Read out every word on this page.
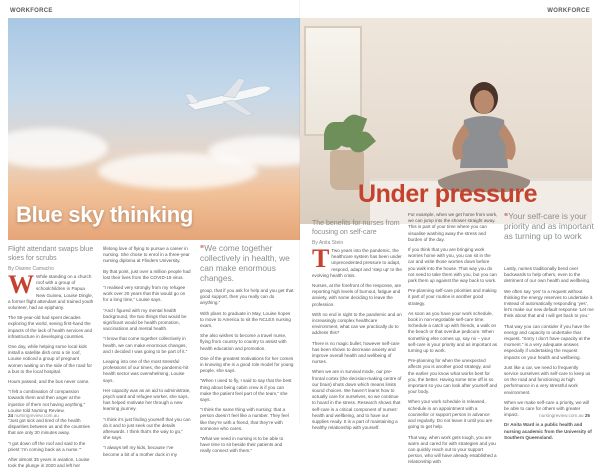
WORKFORCE
Blue sky thinking
Flight attendant swaps blue skies for scrubs
By Dianne Camacho

W While standing on a church roof with a group of schoolchildren in Papua New Guinea, Louise Dingle, a former flight attendant and trained youth volunteer, had an epiphany.

The 55-year-old had spent decades exploring the world, seeing first-hand the impacts of the lack of health services and infrastructure in developing countries.

One day, while helping some local kids install a satellite dish onto a tin roof, Louise noticed a group of pregnant women waiting on the side of the road for a bus to the local hospital.

Hours passed, and the bus never came.

“I felt a combination of compassion towards them and then anger at the injustice of them not having anything,” Louise told Nursing Review.

“Just got sick and tired of the health disparities between us and the countries that are only 30 minutes away.

“I got down off the roof and said to the priest ‘I’m coming back as a nurse.’”

After almost 35 years in aviation, Louise took the plunge in 2020 and left her

lifelong love of flying to pursue a career in nursing. She chose to enrol in a three-year nursing diploma at Flinders University.

By that point, just over a million people had lost their lives from the COVID-19 virus.

“I realised very strongly from my refugee work over 20 years that this would go on for a long time,” Louise says.

“And I figured with my mental health background, the two things that would be significant would be health promotion, vaccinations and mental health.

“I know that come together collectively in health, we can make enormous changes, and I decided I was going to be part of it.”

Leaping into one of the most stressful professions of our times, the pandemic-hit health sector was overwhelming, Louise says.

Her capacity was as an aid to administrate, psych ward and refugee worker, she says, has helped motivate her through a new learning journey.

“I think it’s just finding yourself that you can do it and to just seek out the details afterwards. I think that’s the way to go,” she says.

“I always tell my kids, because I’ve become a bit of a mother duck in my

“We come together collectively in health, we can make enormous changes.

group, that if you ask for help and you get that good support, then you really can do anything.”

With plans to graduate in May, Louise hopes to move to America to sit the NCLEX nursing exam.

She also wishes to become a travel nurse, flying from country to country to assist with health education and promotion.

One of the greatest motivations for her comes in knowing she is a good role model for young people, she says.

“When I used to fly, I said to say that the best thing about being cabin crew is if you can make the patient feel part of the team,” she says.

“I think the same thing with nursing: that a person doesn’t feel like a number. They feel like they’re with a friend, that they’re with someone who cares.

“What we need in nursing is to be able to have time to sit beside their patients and really connect with them.”

24 nursingreview.com.au
WORKFORCE
Under pressure
The benefits for nurses from focusing on self-care
By Anita Stein

T Two years into the pandemic, the healthcare system has been under unprecedented pressure to adapt, respond, adapt and ‘step up’ to the evolving health crisis.

Nurses, at the forefront of the response, are reporting high levels of burnout, fatigue and anxiety, with some deciding to leave the profession.

With no end in sight to the pandemic and an increasingly complex healthcare environment, what can we practically do to address this?

There is no magic bullet; however self-care has been shown to decrease anxiety and improve overall health and wellbeing of nurses.

When we are in survival mode, our pre-frontal cortex (the decision-making centre of our brain) shuts down which means limits sound choices. We haven’t learnt how to actually care for ourselves, so we continue to hoard in the stress. Research shows that self-care is a critical component of nurses’ health and wellbeing, and to have our supplies ready. It is a part of maintaining a healthy relationship with yourself.

For example, when we get home from work, we can jump into the shower straight away. This is part of your time where you can visualise washing away the stress and burden of the day.

If you think that you are bringing work worries home with you, you can sit in the car and write those worries down before you walk into the house. That way you do not need to take them with you, but you can park them up against the way back to work.

Pre-planning self-care priorities and making it part of your routine is another good strategy.

As soon as you have your work schedule, book in non-negotiable self-care time. Schedule a catch up with friends, a walk on the beach or that overdue pedicure. When something else comes up, say no – your self-care is your priority and as important as turning up to work.

Pre-planning for when the unexpected affects you is another good strategy, and the earlier you know what works best for you, the better. Having some time off is so important so you can look after yourself and your body.

When your work schedule is released, schedule in an appointment with a counsellor or support person in advance and regularly. Do not leave it until you are going to get help.

That way, when work gets tough, you are warm and cared for with strategies and you can quickly reach out to your support person, who will have already established a relationship with

“Your self-care is your priority and as important as turning up to work

Lastly, nurses traditionally bend over backwards to help others, even to the detriment of our own health and wellbeing.

We often say ‘yes’ to a request without thinking the energy reserves to undertake it. Instead of automatically responding ‘yes’, let’s make our new default response ‘Let me think about that and I will get back to you.’

That way you can consider if you have the energy and capacity to undertake that request. “Sorry I don’t have capacity at the moment.” is a very adequate answer, especially if undertaking the request impacts on your health and wellbeing.

Just like a car, we need to frequently service ourselves with self-care to keep us on the road and functioning at high performance in a very stressful work environment.

When we make self-care a priority, we will be able to care for others with greater impact.

Dr Anita Ward is a public health and nursing academic from the University of Southern Queensland.

nursingreview.com.au 25
